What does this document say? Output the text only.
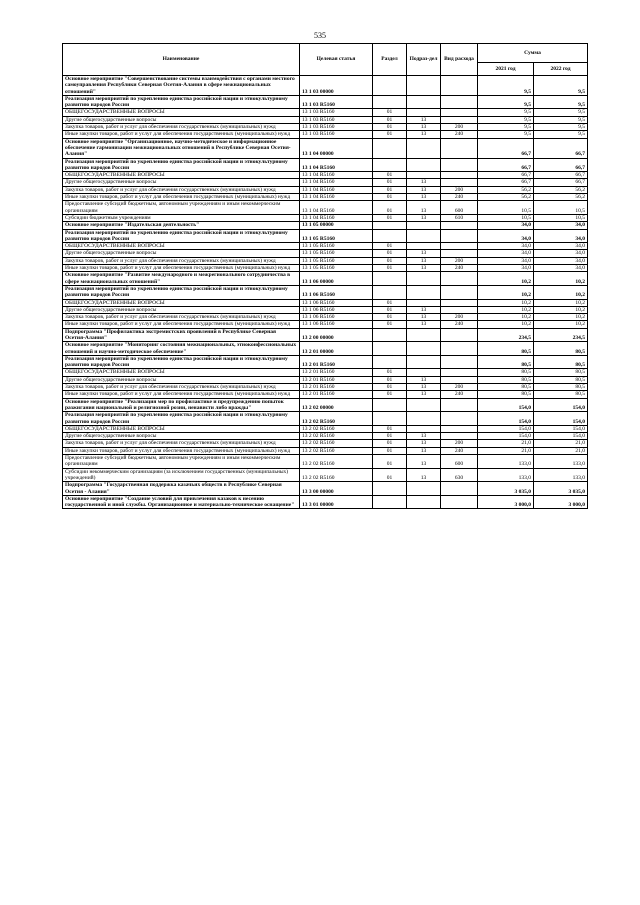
535
Наименование	Целевая статья	Раздел	Подраз-дел	Вид расхода	Сумма	
					2021 год	2022 год
Основное мероприятие "Совершенствование системы взаимодействия с органами местного самоуправления Республики Северная Осетия-Алания в сфере межнациональных отношений"	13 1 03 00000				9,5	9,5
Реализация мероприятий по укреплению единства российской нации и этнокультурному развитию народов России	13 1 03 R5160				9,5	9,5
ОБЩЕГОСУДАРСТВЕННЫЕ ВОПРОСЫ	13 1 03 R5160	01			9,5	9,5
Другие общегосударственные вопросы	13 1 03 R5160	01	13		9,5	9,5
Закупка товаров, работ и услуг для обеспечения государственных (муниципальных) нужд	13 1 03 R5160	01	13	200	9,5	9,5
Иные закупки товаров, работ и услуг для обеспечения государственных (муниципальных) нужд	13 1 03 R5160	01	13	240	9,5	9,5
Основное мероприятие "Организационное, научно-методическое и информационное обеспечение гармонизации межнациональных отношений в Республике Северная Осетия-Алания"	13 1 04 00000				66,7	66,7
Реализация мероприятий по укреплению единства российской нации и этнокультурному развитию народов России	13 1 04 R5160				66,7	66,7
ОБЩЕГОСУДАРСТВЕННЫЕ ВОПРОСЫ	13 1 04 R5160	01			66,7	66,7
Другие общегосударственные вопросы	13 1 04 R5160	01	13		66,7	66,7
Закупка товаров, работ и услуг для обеспечения государственных (муниципальных) нужд	13 1 04 R5160	01	13	200	56,2	56,2
Иные закупки товаров, работ и услуг для обеспечения государственных (муниципальных) нужд	13 1 04 R5160	01	13	240	56,2	56,2
Предоставление субсидий бюджетным, автономным учреждениям и иным некоммерческим организациям	13 1 04 R5160	01	13	600	10,5	10,5
Субсидии бюджетным учреждениям	13 1 04 R5160	01	13	610	10,5	10,5
Основное мероприятие "Издательская деятельность"	13 1 05 00000				34,0	34,0
Реализация мероприятий по укреплению единства российской нации и этнокультурному развитию народов России	13 1 05 R5160				34,0	34,0
ОБЩЕГОСУДАРСТВЕННЫЕ ВОПРОСЫ	13 1 05 R5160	01			34,0	34,0
Другие общегосударственные вопросы	13 1 05 R5160	01	13		34,0	34,0
Закупка товаров, работ и услуг для обеспечения государственных (муниципальных) нужд	13 1 05 R5160	01	13	200	34,0	34,0
Иные закупки товаров, работ и услуг для обеспечения государственных (муниципальных) нужд	13 1 05 R5160	01	13	240	34,0	34,0
Основное мероприятие "Развитие международного и межрегионального сотрудничества в сфере межнациональных отношений"	13 1 06 00000				10,2	10,2
Реализация мероприятий по укреплению единства российской нации и этнокультурному развитию народов России	13 1 06 R5160				10,2	10,2
ОБЩЕГОСУДАРСТВЕННЫЕ ВОПРОСЫ	13 1 06 R5160	01			10,2	10,2
Другие общегосударственные вопросы	13 1 06 R5160	01	13		10,2	10,2
Закупка товаров, работ и услуг для обеспечения государственных (муниципальных) нужд	13 1 06 R5160	01	13	200	10,2	10,2
Иные закупки товаров, работ и услуг для обеспечения государственных (муниципальных) нужд	13 1 06 R5160	01	13	240	10,2	10,2
Подпрограмма "Профилактика экстремистских проявлений в Республике Северная Осетия-Алания"	13 2 00 00000				234,5	234,5
Основное мероприятие "Мониторинг состояния межнациональных, этноконфессиональных отношений и научно-методическое обеспечение"	13 2 01 00000				80,5	80,5
Реализация мероприятий по укреплению единства российской нации и этнокультурному развитию народов России	13 2 01 R5160				80,5	80,5
ОБЩЕГОСУДАРСТВЕННЫЕ ВОПРОСЫ	13 2 01 R5160	01			80,5	80,5
Другие общегосударственные вопросы	13 2 01 R5160	01	13		80,5	80,5
Закупка товаров, работ и услуг для обеспечения государственных (муниципальных) нужд	13 2 01 R5160	01	13	200	80,5	80,5
Иные закупки товаров, работ и услуг для обеспечения государственных (муниципальных) нужд	13 2 01 R5160	01	13	240	80,5	80,5
Основное мероприятие "Реализация мер по профилактике и предупреждению попыток разжигания национальной и религиозной розни, ненависти либо вражды"	13 2 02 00000				154,0	154,0
Реализация мероприятий по укреплению единства российской нации и этнокультурному развитию народов России	13 2 02 R5160				154,0	154,0
ОБЩЕГОСУДАРСТВЕННЫЕ ВОПРОСЫ	13 2 02 R5160	01			154,0	154,0
Другие общегосударственные вопросы	13 2 02 R5160	01	13		154,0	154,0
Закупка товаров, работ и услуг для обеспечения государственных (муниципальных) нужд	13 2 02 R5160	01	13	200	21,0	21,0
Иные закупки товаров, работ и услуг для обеспечения государственных (муниципальных) нужд	13 2 02 R5160	01	13	240	21,0	21,0
Предоставление субсидий бюджетным, автономным учреждениям и иным некоммерческим организациям	13 2 02 R5160	01	13	600	133,0	133,0
Субсидии некоммерческим организациям (за исключением государственных (муниципальных) учреждений)	13 2 02 R5160	01	13	630	133,0	133,0
Подпрограмма "Государственная поддержка казачьих обществ в Республике Северная Осетия - Алания"	13 3 00 00000				3 035,0	3 035,0
Основное мероприятие "Создание условий для привлечения казаков к несению государственной и иной службы. Организационное и материально-техническое оснащение"	13 3 01 00000				3 000,0	3 000,0
